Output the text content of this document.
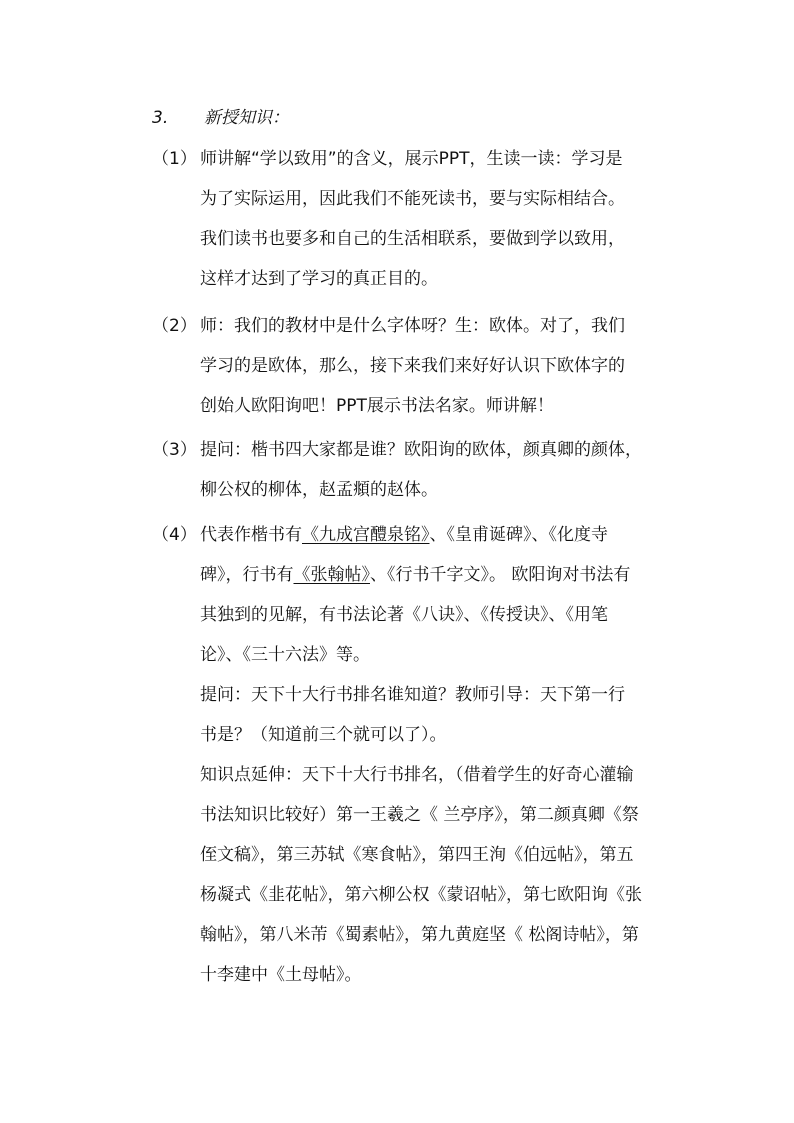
3. 新授知识：
（1） 师讲解“学以致用”的含义，展示PPT，生读一读：学习是
为了实际运用，因此我们不能死读书，要与实际相结合。
我们读书也要多和自己的生活相联系，要做到学以致用，
这样才达到了学习的真正目的。
（2） 师：我们的教材中是什么字体呀？生：欧体。对了，我们
学习的是欧体，那么，接下来我们来好好认识下欧体字的
创始人欧阳询吧！PPT展示书法名家。师讲解！
（3） 提问：楷书四大家都是谁？欧阳询的欧体，颜真卿的颜体，
柳公权的柳体，赵孟頫的赵体。
（4） 代表作楷书有《九成宫醴泉铭》、《皇甫诞碑》、《化度寺
碑》，行书有《张翰帖》、《行书千字文》。 欧阳询对书法有
其独到的见解，有书法论著《八诀》、《传授诀》、《用笔
论》、《三十六法》等。
提问：天下十大行书排名谁知道？教师引导：天下第一行
书是？（知道前三个就可以了）。
知识点延伸：天下十大行书排名，（借着学生的好奇心灌输
书法知识比较好）第一王羲之《 兰亭序》，第二颜真卿《祭
侄文稿》，第三苏轼《寒食帖》，第四王洵《伯远帖》，第五
杨凝式《韭花帖》，第六柳公权《蒙诏帖》，第七欧阳询《张
翰帖》，第八米芾《蜀素帖》，第九黄庭坚《 松阁诗帖》，第
十李建中《土母帖》。
